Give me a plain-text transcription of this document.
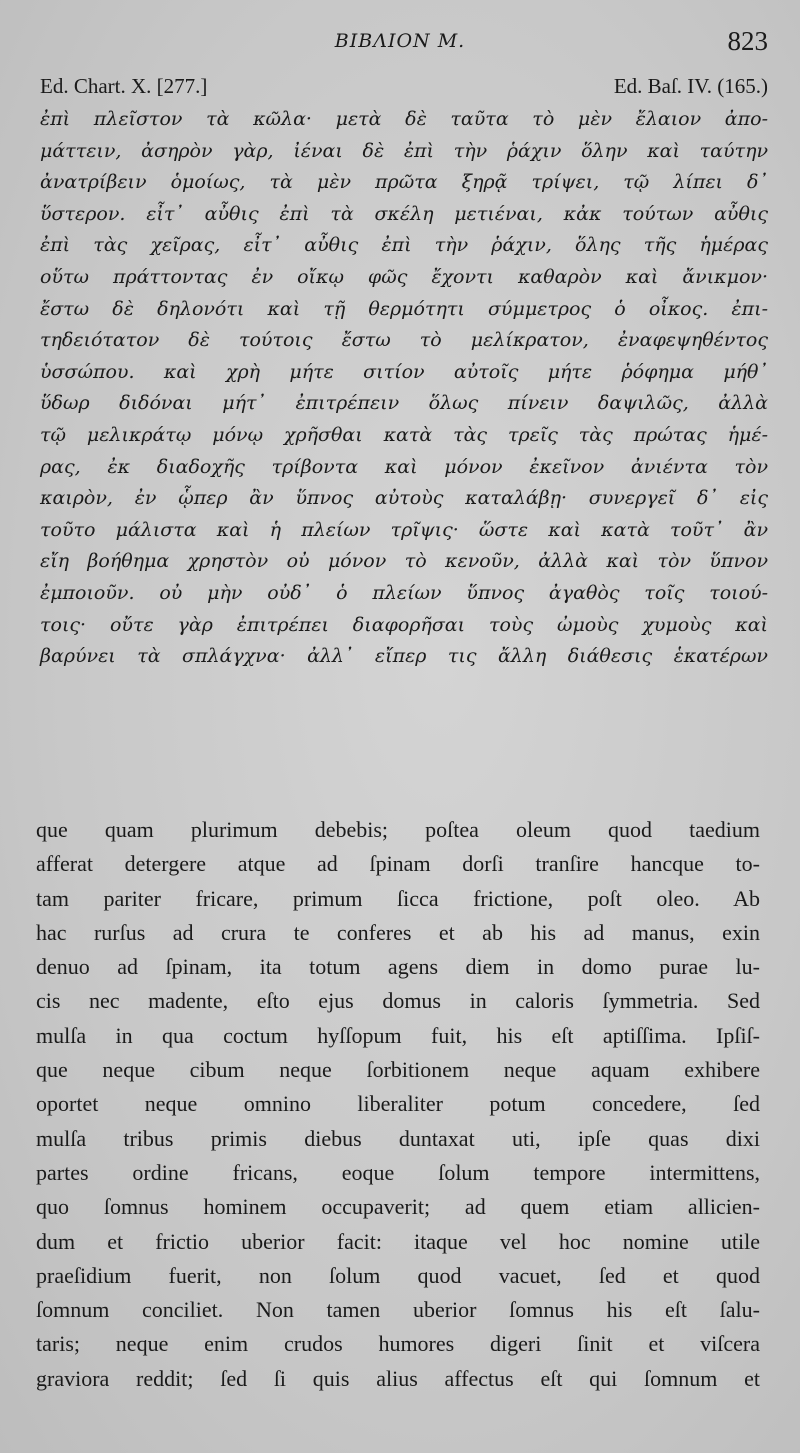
ΒΙΒΛΙΟΝ Μ.	823
Ed. Chart. X. [277.]	Ed. Baſ. IV. (165.)
ἐπὶ πλεῖστον τὰ κῶλα· μετὰ δὲ ταῦτα τὸ μὲν ἔλαιον ἀπο-
μάττειν, ἀσηρὸν γὰρ, ἰέναι δὲ ἐπὶ τὴν ῥάχιν ὅλην καὶ ταύτην
ἀνατρίβειν ὁμοίως, τὰ μὲν πρῶτα ξηρᾷ τρίψει, τῷ λίπει δ᾽
ὕστερον. εἶτ᾽ αὖθις ἐπὶ τὰ σκέλη μετιέναι, κἀκ τούτων αὖθις
ἐπὶ τὰς χεῖρας, εἶτ᾽ αὖθις ἐπὶ τὴν ῥάχιν, ὅλης τῆς ἡμέρας
οὕτω πράττοντας ἐν οἴκῳ φῶς ἔχοντι καθαρὸν καὶ ἄνικμον·
ἔστω δὲ δηλονότι καὶ τῇ θερμότητι σύμμετρος ὁ οἶκος. ἐπι-
τηδειότατον δὲ τούτοις ἔστω τὸ μελίκρατον, ἐναφεψηθέντος
ὑσσώπου. καὶ χρὴ μήτε σιτίον αὐτοῖς μήτε ῥόφημα μήθ᾽
ὕδωρ διδόναι μήτ᾽ ἐπιτρέπειν ὅλως πίνειν δαψιλῶς, ἀλλὰ
τῷ μελικράτῳ μόνῳ χρῆσθαι κατὰ τὰς τρεῖς τὰς πρώτας ἡμέ-
ρας, ἐκ διαδοχῆς τρίβοντα καὶ μόνον ἐκεῖνον ἀνιέντα τὸν
καιρὸν, ἐν ᾧπερ ἂν ὕπνος αὐτοὺς καταλάβῃ· συνεργεῖ δ᾽ εἰς
τοῦτο μάλιστα καὶ ἡ πλείων τρῖψις· ὥστε καὶ κατὰ τοῦτ᾽ ἂν
εἴη βοήθημα χρηστὸν οὐ μόνον τὸ κενοῦν, ἀλλὰ καὶ τὸν ὕπνον
ἐμποιοῦν. οὐ μὴν οὐδ᾽ ὁ πλείων ὕπνος ἀγαθὸς τοῖς τοιού-
τοις· οὔτε γὰρ ἐπιτρέπει διαφορῆσαι τοὺς ὠμοὺς χυμοὺς καὶ
βαρύνει τὰ σπλάγχνα· ἀλλ᾽ εἴπερ τις ἄλλη διάθεσις ἑκατέρων
que quam plurimum debebis; poſtea oleum quod taedium
afferat detergere atque ad ſpinam dorſi tranſire hancque to-
tam pariter fricare, primum ſicca frictione, poſt oleo. Ab
hac rurſus ad crura te conferes et ab his ad manus, exin
denuo ad ſpinam, ita totum agens diem in domo purae lu-
cis nec madente, eſto ejus domus in caloris ſymmetria. Sed
mulſa in qua coctum hyſſopum fuit, his eſt aptiſſima. Ipſiſ-
que neque cibum neque ſorbitionem neque aquam exhibere
oportet neque omnino liberaliter potum concedere, ſed
mulſa tribus primis diebus duntaxat uti, ipſe quas dixi
partes ordine fricans, eoque ſolum tempore intermittens,
quo ſomnus hominem occupaverit; ad quem etiam allicien-
dum et frictio uberior facit: itaque vel hoc nomine utile
praeſidium fuerit, non ſolum quod vacuet, ſed et quod
ſomnum conciliet. Non tamen uberior ſomnus his eſt ſalu-
taris; neque enim crudos humores digeri ſinit et viſcera
graviora reddit; ſed ſi quis alius affectus eſt qui ſomnum et
